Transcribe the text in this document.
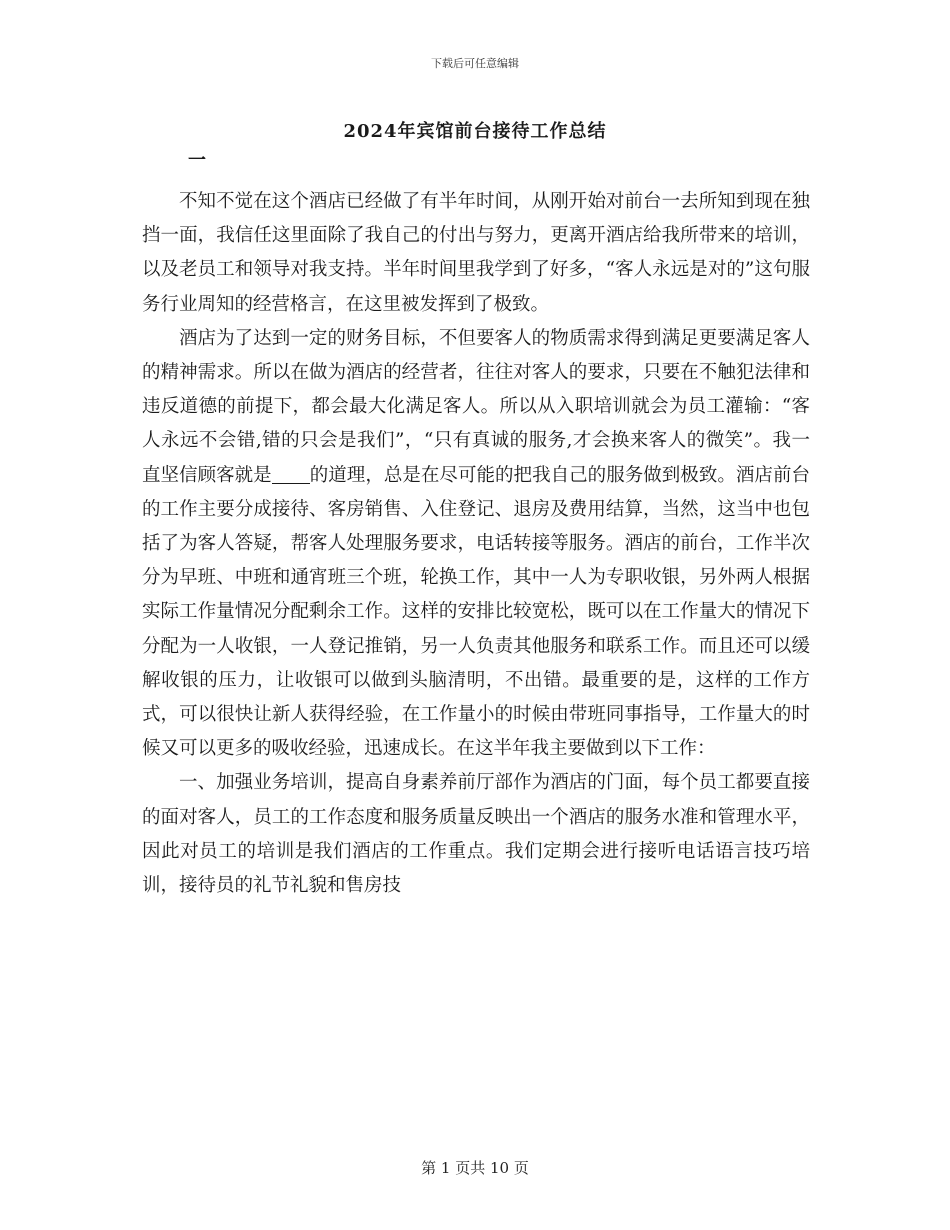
下载后可任意编辑
2024年宾馆前台接待工作总结
一

不知不觉在这个酒店已经做了有半年时间，从刚开始对前台一去所知到现在独挡一面，我信任这里面除了我自己的付出与努力，更离开酒店给我所带来的培训，以及老员工和领导对我支持。半年时间里我学到了好多，“客人永远是对的”这句服务行业周知的经营格言，在这里被发挥到了极致。

酒店为了达到一定的财务目标，不但要客人的物质需求得到满足更要满足客人的精神需求。所以在做为酒店的经营者，往往对客人的要求，只要在不触犯法律和违反道德的前提下，都会最大化满足客人。所以从入职培训就会为员工灌输：“客人永远不会错,错的只会是我们”，“只有真诚的服务,才会换来客人的微笑”。我一直坚信顾客就是 的道理，总是在尽可能的把我自己的服务做到极致。酒店前台的工作主要分成接待、客房销售、入住登记、退房及费用结算，当然，这当中也包括了为客人答疑，帮客人处理服务要求，电话转接等服务。酒店的前台，工作半次分为早班、中班和通宵班三个班，轮换工作，其中一人为专职收银，另外两人根据实际工作量情况分配剩余工作。这样的安排比较宽松，既可以在工作量大的情况下分配为一人收银，一人登记推销，另一人负责其他服务和联系工作。而且还可以缓解收银的压力，让收银可以做到头脑清明，不出错。最重要的是，这样的工作方式，可以很快让新人获得经验，在工作量小的时候由带班同事指导，工作量大的时候又可以更多的吸收经验，迅速成长。在这半年我主要做到以下工作：

一、加强业务培训，提高自身素养前厅部作为酒店的门面，每个员工都要直接的面对客人，员工的工作态度和服务质量反映出一个酒店的服务水准和管理水平，因此对员工的培训是我们酒店的工作重点。我们定期会进行接听电话语言技巧培训，接待员的礼节礼貌和售房技

第 1 页共 10 页
